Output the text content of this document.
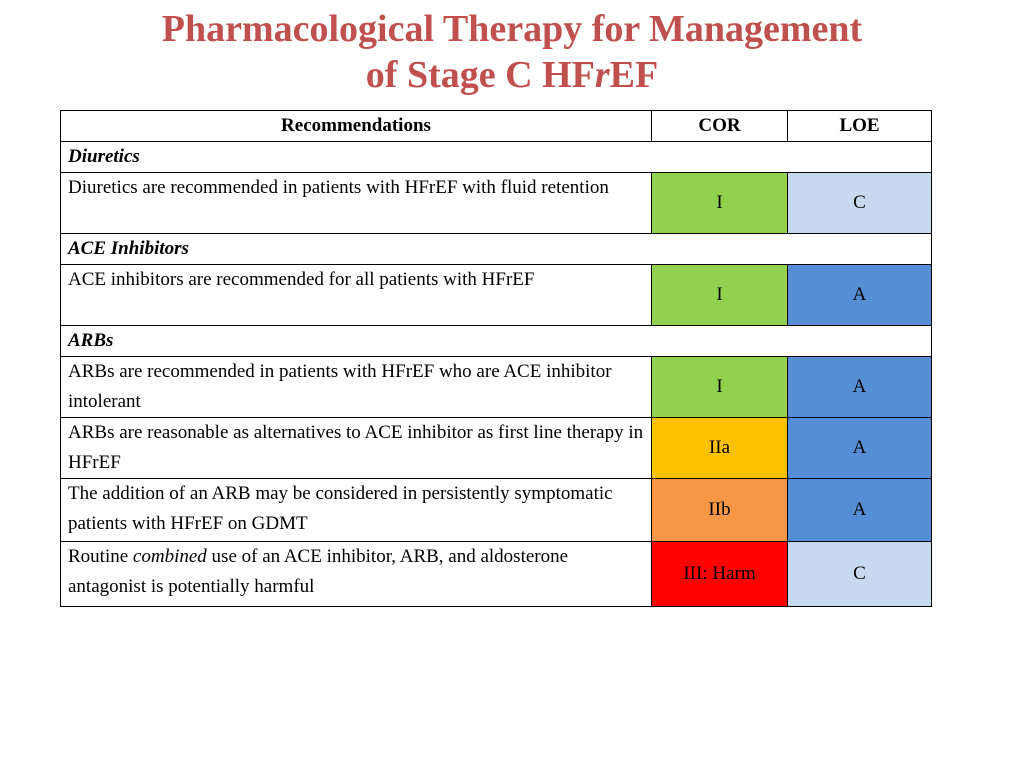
Pharmacological Therapy for Management
of Stage C HFrEF
Recommendations	COR	LOE
Diuretics		
Diuretics are recommended in patients with HFrEF with fluid retention	I	C
ACE Inhibitors		
ACE inhibitors are recommended for all patients with HFrEF	I	A
ARBs		
ARBs are recommended in patients with HFrEF who are ACE inhibitor intolerant	I	A
ARBs are reasonable as alternatives to ACE inhibitor as first line therapy in HFrEF	IIa	A
The addition of an ARB may be considered in persistently symptomatic patients with HFrEF on GDMT	IIb	A
Routine combined use of an ACE inhibitor, ARB, and aldosterone antagonist is potentially harmful	III: Harm	C
